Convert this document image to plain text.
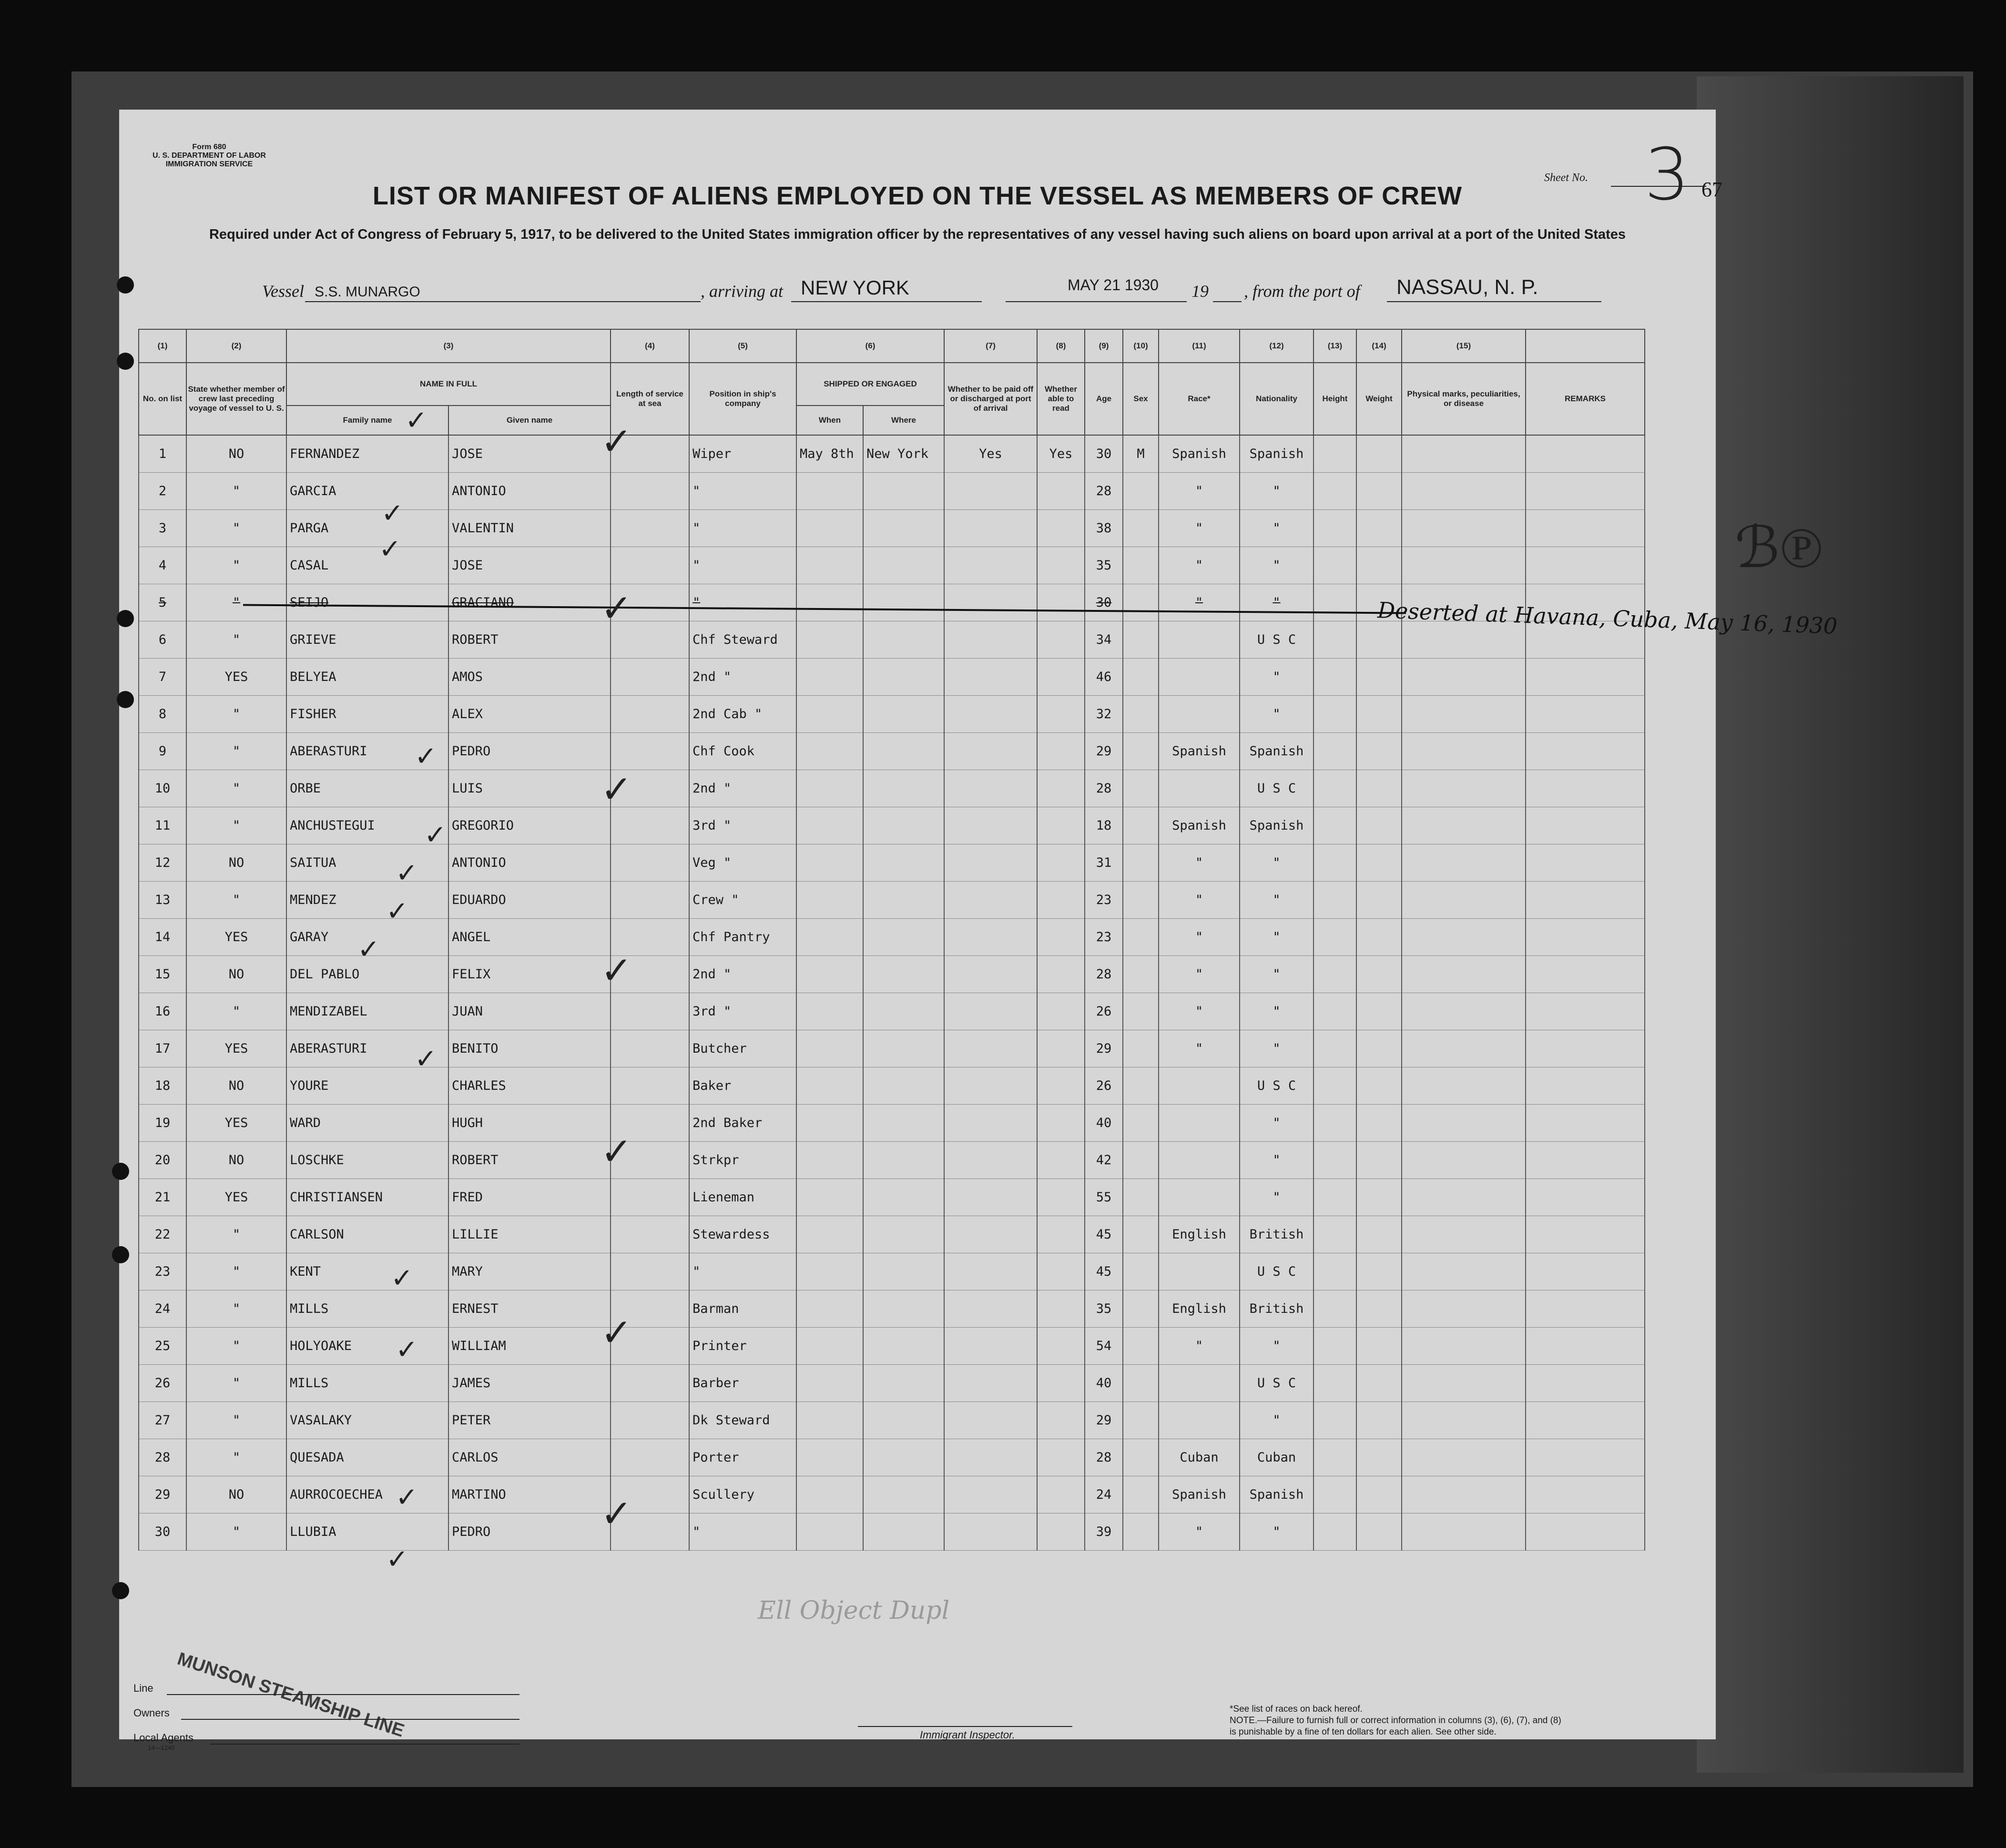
ℬ℗
Form 680
U. S. DEPARTMENT OF LABOR
IMMIGRATION SERVICE
Sheet No. 3 67
LIST OR MANIFEST OF ALIENS EMPLOYED ON THE VESSEL AS MEMBERS OF CREW
Required under Act of Congress of February 5, 1917, to be delivered to the United States immigration officer by the representatives of any vessel having such aliens on board upon arrival at a port of the United States
Vessel S.S. MUNARGO	, arriving at NEW YORK	MAY 21 1930 19 , from the port of NASSAU, N. P.
(1)	(2)	(3)		(4)	(5)	(6)		(7)	(8)	(9)	(10)	(11)	(12)	(13)	(14)	(15)	
No. on list	State whether member of crew last preceding voyage of vessel to U. S.	NAME IN FULL		Length of service at sea	Position in ship's company	SHIPPED OR ENGAGED		Whether to be paid off or discharged at port of arrival	Whether able to read	Age	Sex	Race*	Nationality	Height	Weight	Physical marks, peculiarities, or disease	REMARKS
		Family name	Given name			When	Where										
1	NO	FERNANDEZ	JOSE		Wiper	May 8th	New York	Yes	Yes	30	M	Spanish	Spanish				
2	"	GARCIA	ANTONIO		"					28		"	"				
3	"	PARGA	VALENTIN		"					38		"	"				
4	"	CASAL	JOSE		"					35		"	"				
5	"	SEIJO	GRACIANO		"					30		"	"				
6	"	GRIEVE	ROBERT		Chf Steward					34			U S C				
7	YES	BELYEA	AMOS		2nd "					46			"				
8	"	FISHER	ALEX		2nd Cab "					32			"				
9	"	ABERASTURI	PEDRO		Chf Cook					29		Spanish	Spanish				
10	"	ORBE	LUIS		2nd "					28			U S C				
11	"	ANCHUSTEGUI	GREGORIO		3rd "					18		Spanish	Spanish				
12	NO	SAITUA	ANTONIO		Veg "					31		"	"				
13	"	MENDEZ	EDUARDO		Crew "					23		"	"				
14	YES	GARAY	ANGEL		Chf Pantry					23		"	"				
15	NO	DEL PABLO	FELIX		2nd "					28		"	"				
16	"	MENDIZABEL	JUAN		3rd "					26		"	"				
17	YES	ABERASTURI	BENITO		Butcher					29		"	"				
18	NO	YOURE	CHARLES		Baker					26			U S C				
19	YES	WARD	HUGH		2nd Baker					40			"				
20	NO	LOSCHKE	ROBERT		Strkpr					42			"				
21	YES	CHRISTIANSEN	FRED		Lieneman					55			"				
22	"	CARLSON	LILLIE		Stewardess					45		English	British				
23	"	KENT	MARY		"					45			U S C				
24	"	MILLS	ERNEST		Barman					35		English	British				
25	"	HOLYOAKE	WILLIAM		Printer					54		"	"				
26	"	MILLS	JAMES		Barber					40			U S C				
27	"	VASALAKY	PETER		Dk Steward					29			"				
28	"	QUESADA	CARLOS		Porter					28		Cuban	Cuban				
29	NO	AURROCOECHEA	MARTINO		Scullery					24		Spanish	Spanish				
30	"	LLUBIA	PEDRO		"					39		"	"				
Deserted at Havana, Cuba, May 16, 1930
✓
✓
✓
✓
✓
✓
✓
✓
✓
✓
✓
✓
✓
✓
✓
✓
✓
✓
✓
✓
Ell Object Dupl
Line
Owners
Local Agents
14—1240
MUNSON STEAMSHIP LINE	Immigrant Inspector.
*See list of races on back hereof.
NOTE.—Failure to furnish full or correct information in columns (3), (6), (7), and (8)
is punishable by a fine of ten dollars for each alien. See other side.
